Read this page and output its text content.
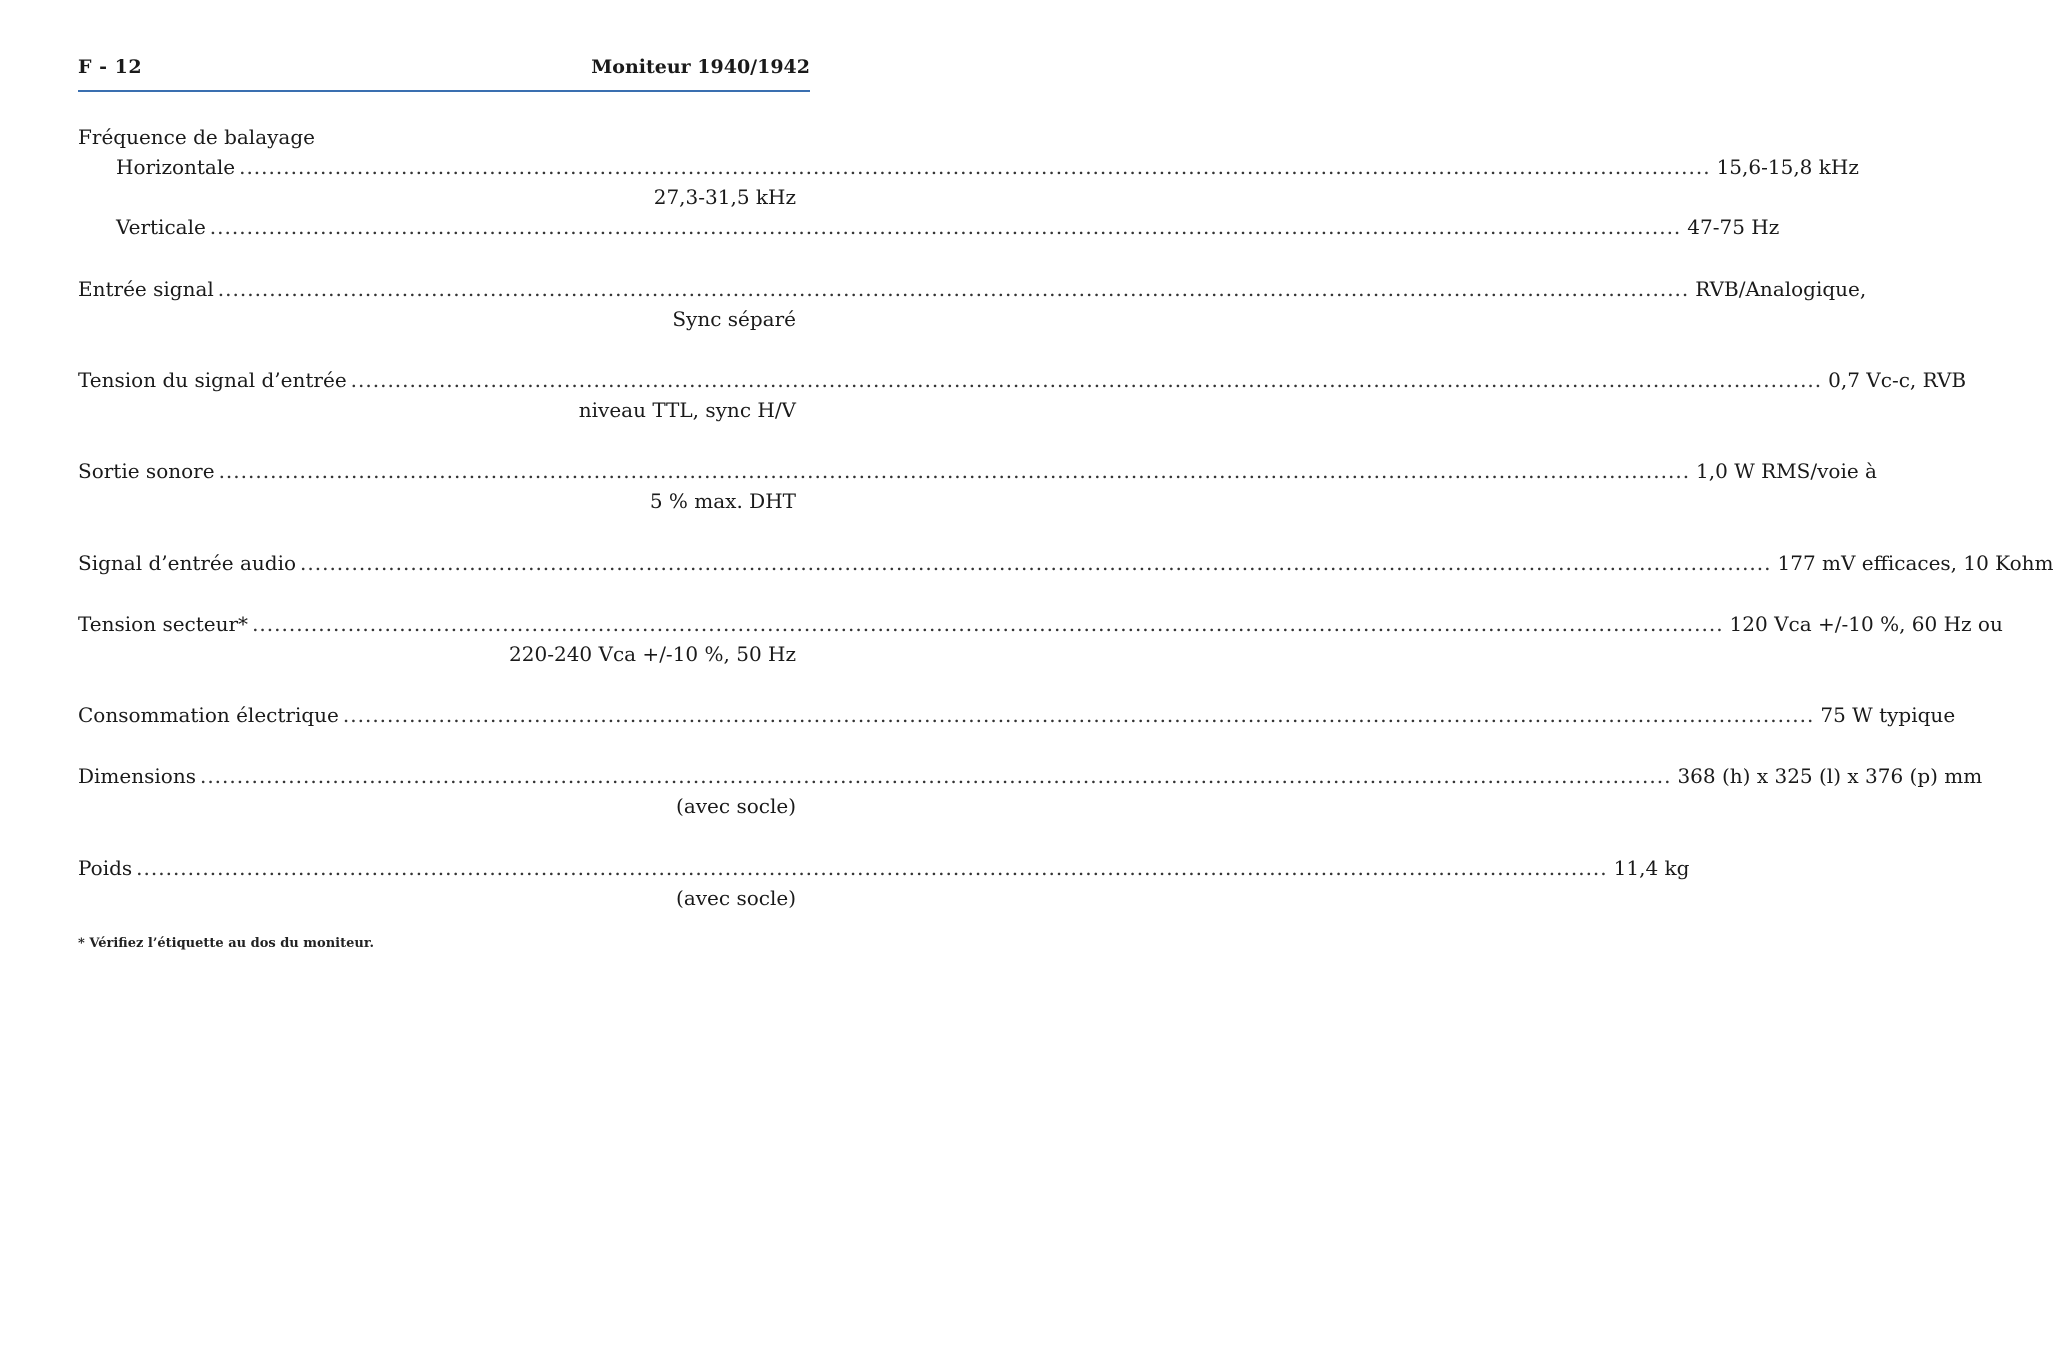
F - 12	Moniteur 1940/1942
Fréquence de balayage
Horizontale ........................................................................................................................................................................................................ 15,6-15,8 kHz
27,3-31,5 kHz
Verticale ........................................................................................................................................................................................................ 47-75 Hz
Entrée signal ........................................................................................................................................................................................................ RVB/Analogique,
Sync séparé
Tension du signal d’entrée ........................................................................................................................................................................................................ 0,7 Vc-c, RVB
niveau TTL, sync H/V
Sortie sonore ........................................................................................................................................................................................................ 1,0 W RMS/voie à
5 % max. DHT
Signal d’entrée audio ........................................................................................................................................................................................................ 177 mV efficaces, 10 Kohm
Tension secteur* ........................................................................................................................................................................................................ 120 Vca +/-10 %, 60 Hz ou
220-240 Vca +/-10 %, 50 Hz
Consommation électrique ........................................................................................................................................................................................................ 75 W typique
Dimensions ........................................................................................................................................................................................................ 368 (h) x 325 (l) x 376 (p) mm
(avec socle)
Poids ........................................................................................................................................................................................................ 11,4 kg
(avec socle)
* Vérifiez l’étiquette au dos du moniteur.
